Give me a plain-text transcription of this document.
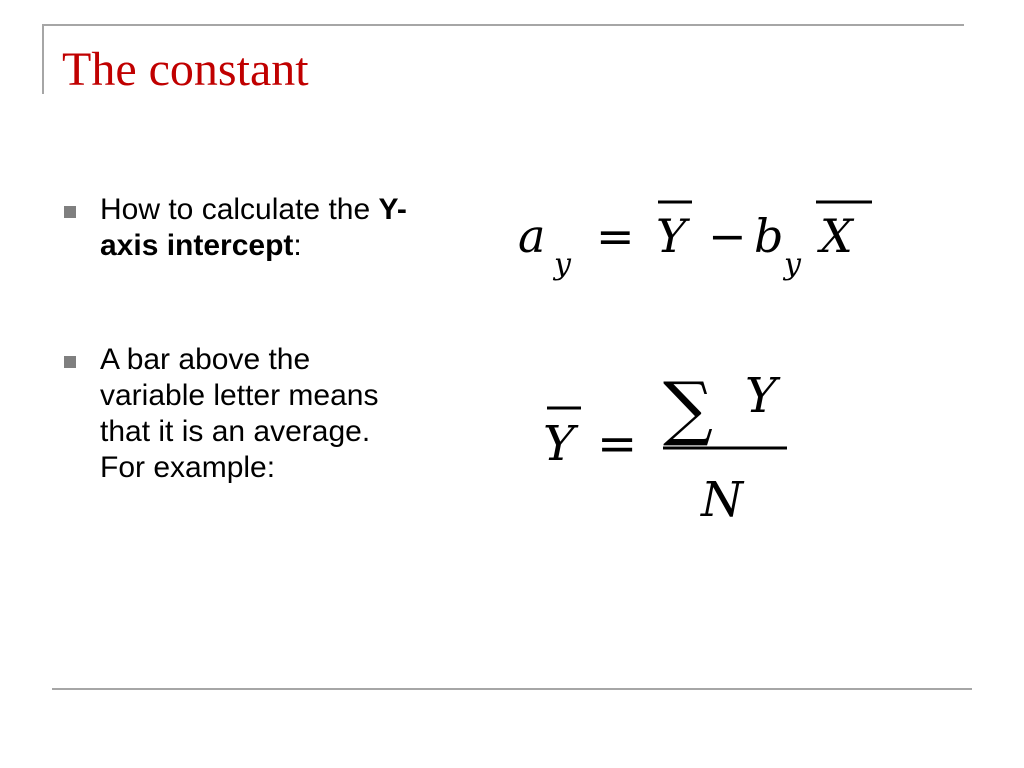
The constant
How to calculate the Y-
axis intercept:
A bar above the
variable letter means
that it is an average.
For example:
a
y
= Y − b
y
X
Y = ∑ Y
N
